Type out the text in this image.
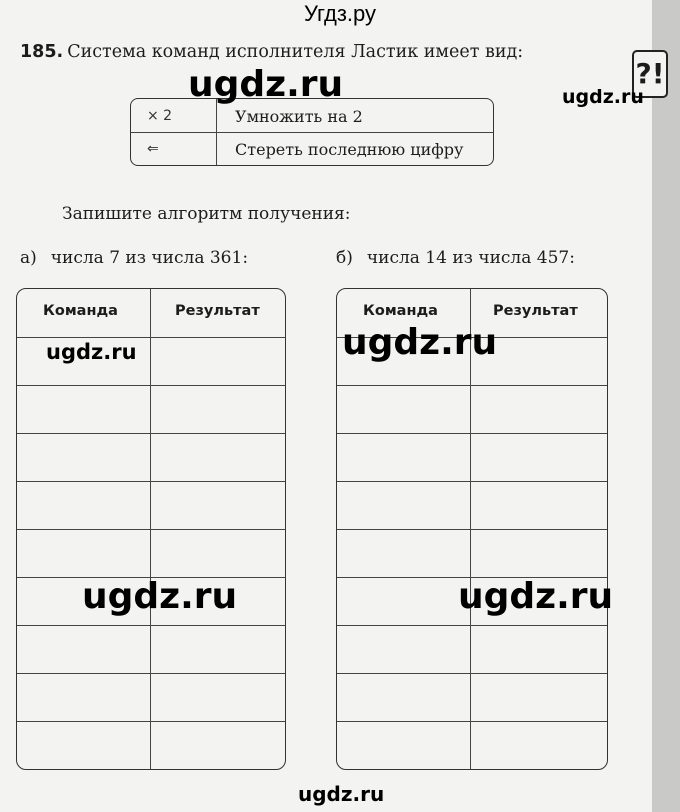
Угдз.ру
185. Система команд исполнителя Ластик имеет вид:
?!
× 2	Умножить на 2
⇐	Стереть последнюю цифру
Запишите алгоритм получения:
а) числа 7 из числа 361:	б) числа 14 из числа 457:
Команда	Результат	Команда	Результат
ugdz.ru	ugdz.ru
ugdz.ru	ugdz.ru
ugdz.ru	ugdz.ru
ugdz.ru
